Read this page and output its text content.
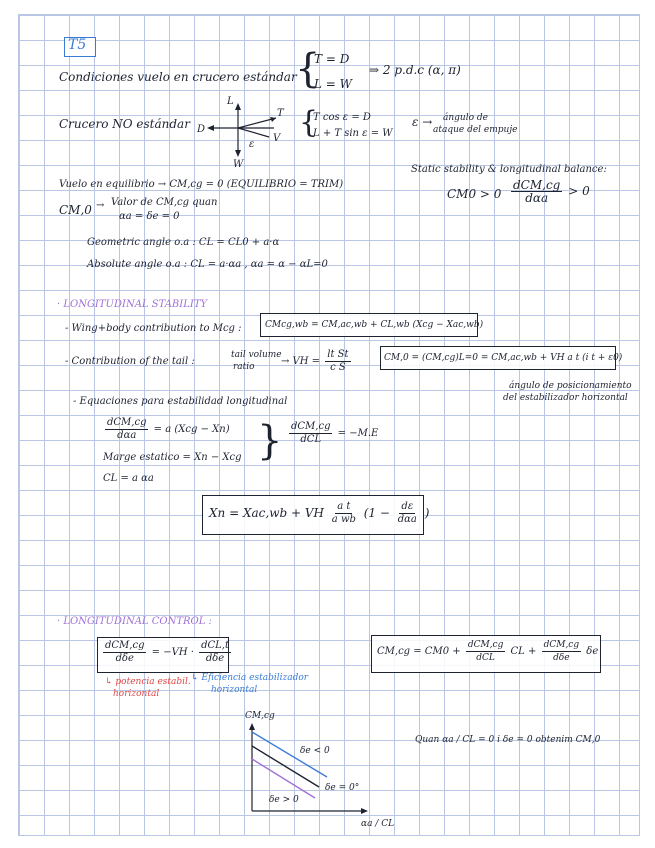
T5
Condiciones vuelo en crucero estándar
{
T = D
L = W
⇒ 2 p.d.c (α, π)
Crucero NO estándar
L
T
D
V
W
ε
{
T cos ε = D
L + T sin ε = W
ε → ángulo de
ataque del empuje
Static stability & longitudinal balance:
$CM0 > 0 \frac{\text{dCM,cg}}{\text{dαa}} > 0$
Vuelo en equilibrio → CM,cg = 0 (EQUILIBRIO = TRIM)
CM,0 → Valor de CM,cg quan
αa = δe = 0
Geometric angle o.a : CL = CL0 + a·α
Absolute angle o.a : CL = a·αa , αa = α − αL=0
· LONGITUDINAL STABILITY
- Wing+body contribution to Mcg :	CMcg,wb = CM,ac,wb + CL,wb (Xcg − Xac,wb)
- Contribution of the tail :
tail volume
ratio	→ VH = $\frac{\text{lt St}}{\text{c S}}$	CM,0 = (CM,cg)L=0 = CM,ac,wb + VH a t (i t + ε0)
ángulo de posicionamiento
del estabilizador horizontal
- Equaciones para estabilidad longitudinal
$\frac{\text{dCM,cg}}{\text{dαa}} = a$ (Xcg − Xn)
Marge estatico = Xn − Xcg
CL = a αa
} $\frac{\text{dCM,cg}}{\text{dCL}} = -M.E$
Xn = Xac,wb + VH $\frac{\text{a t}}{\text{a wb}} (1 - \frac{d\varepsilon}{\text{dαa}}$ )
· LONGITUDINAL CONTROL :
$\frac{\text{dCM,cg}}{\text{dδe}} = -VH \cdot \frac{\text{dCL,t}}{\text{dδe}}$
↳ potencia estabil.
horizontal
↳ Eficiencia estabilizador
horizontal
$CM,cg = CM0 + \frac{\text{dCM,cg}}{\text{dCL}}$ CL + $\frac{\text{dCM,cg}}{\text{dδe}}$ δe
CM,cg
αa / CL
δe < 0
δe = 0°
δe > 0
Quan αa / CL = 0 i δe = 0 obtenim CM,0
